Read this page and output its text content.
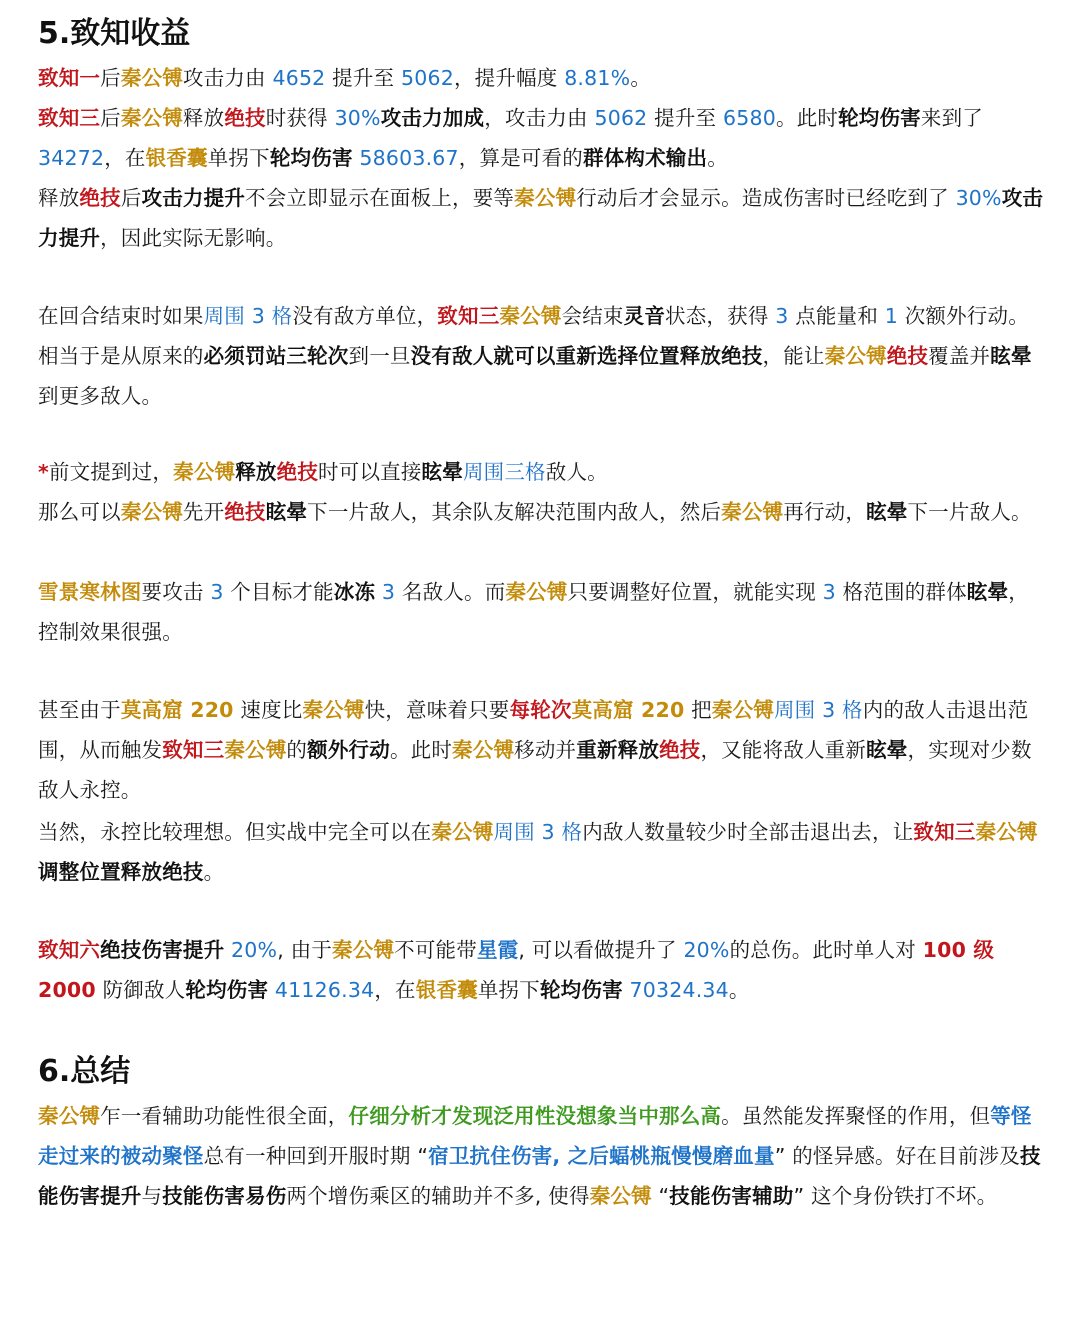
5.致知收益

致知一后秦公镈攻击力由 4652 提升至 5062，提升幅度 8.81%。

致知三后秦公镈释放绝技时获得 30%攻击力加成，攻击力由 5062 提升至 6580。此时轮均伤害来到了 34272，在银香囊单拐下轮均伤害 58603.67，算是可看的群体构术输出。

释放绝技后攻击力提升不会立即显示在面板上，要等秦公镈行动后才会显示。造成伤害时已经吃到了 30%攻击力提升，因此实际无影响。

在回合结束时如果周围 3 格没有敌方单位，致知三秦公镈会结束灵音状态，获得 3 点能量和 1 次额外行动。相当于是从原来的必须罚站三轮次到一旦没有敌人就可以重新选择位置释放绝技，能让秦公镈绝技覆盖并眩晕到更多敌人。

*前文提到过，秦公镈释放绝技时可以直接眩晕周围三格敌人。

那么可以秦公镈先开绝技眩晕下一片敌人，其余队友解决范围内敌人，然后秦公镈再行动，眩晕下一片敌人。

雪景寒林图要攻击 3 个目标才能冰冻 3 名敌人。而秦公镈只要调整好位置，就能实现 3 格范围的群体眩晕，控制效果很强。

甚至由于莫高窟 220 速度比秦公镈快，意味着只要每轮次莫高窟 220 把秦公镈周围 3 格内的敌人击退出范围，从而触发致知三秦公镈的额外行动。此时秦公镈移动并重新释放绝技，又能将敌人重新眩晕，实现对少数敌人永控。

当然，永控比较理想。但实战中完全可以在秦公镈周围 3 格内敌人数量较少时全部击退出去，让致知三秦公镈调整位置释放绝技。

致知六绝技伤害提升 20%, 由于秦公镈不可能带星霞, 可以看做提升了 20%的总伤。此时单人对 100 级 2000 防御敌人轮均伤害 41126.34，在银香囊单拐下轮均伤害 70324.34。

6.总结

秦公镈乍一看辅助功能性很全面，仔细分析才发现泛用性没想象当中那么高。虽然能发挥聚怪的作用，但等怪走过来的被动聚怪总有一种回到开服时期 “宿卫抗住伤害, 之后蝠桃瓶慢慢磨血量” 的怪异感。好在目前涉及技能伤害提升与技能伤害易伤两个增伤乘区的辅助并不多, 使得秦公镈 “技能伤害辅助” 这个身份铁打不坏。
